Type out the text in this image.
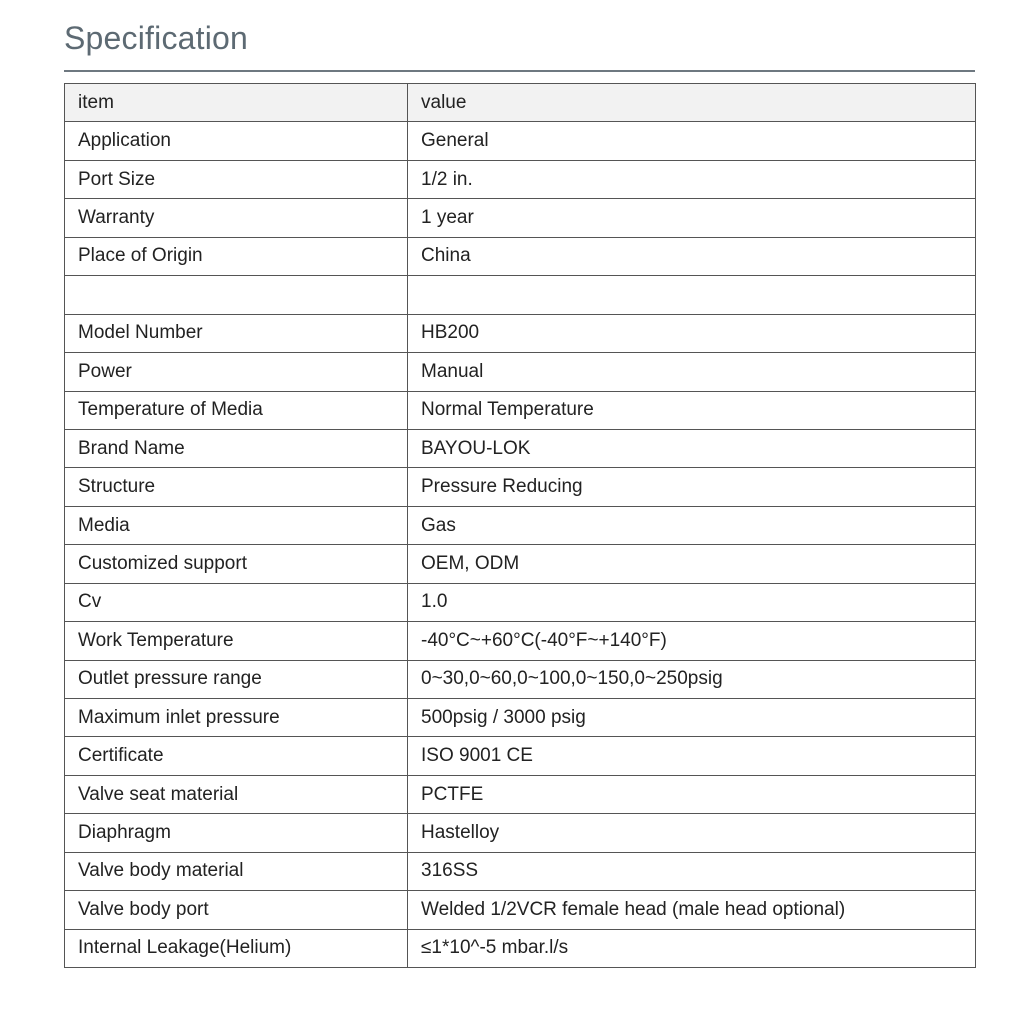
Specification
item	value
Application	General
Port Size	1/2 in.
Warranty	1 year
Place of Origin	China

Model Number	HB200
Power	Manual
Temperature of Media	Normal Temperature
Brand Name	BAYOU-LOK
Structure	Pressure Reducing
Media	Gas
Customized support	OEM, ODM
Cv	1.0
Work Temperature	-40°C~+60°C(-40°F~+140°F)
Outlet pressure range	0~30,0~60,0~100,0~150,0~250psig
Maximum inlet pressure	500psig / 3000 psig
Certificate	ISO 9001 CE
Valve seat material	PCTFE
Diaphragm	Hastelloy
Valve body material	316SS
Valve body port	Welded 1/2VCR female head (male head optional)
Internal Leakage(Helium)	≤1*10^-5 mbar.l/s
